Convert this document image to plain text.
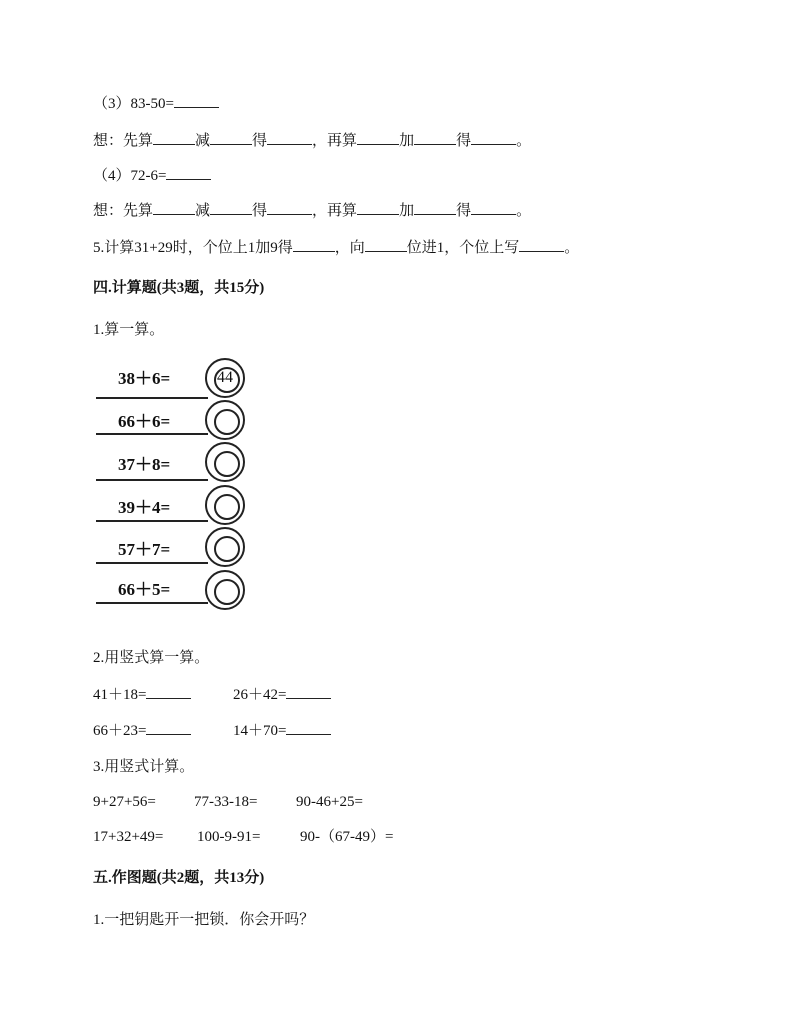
（3）83-50=
想：先算	减	得	，再算	加	得	。
（4）72-6=
想：先算	减	得	，再算	加	得	。
5.计算31+29时，个位上1加9得	，向	位进1，个位上写	。
四.计算题(共3题，共15分)
1.算一算。
38＋6=	44
66＋6=
37＋8=
39＋4=
57＋7=
66＋5=
2.用竖式算一算。
41＋18=	26＋42=
66＋23=	14＋70=
3.用竖式计算。
9+27+56=	77-33-18=	90-46+25=
17+32+49= 100-9-91=	90-（67-49）=
五.作图题(共2题，共13分)
1.一把钥匙开一把锁．你会开吗？
